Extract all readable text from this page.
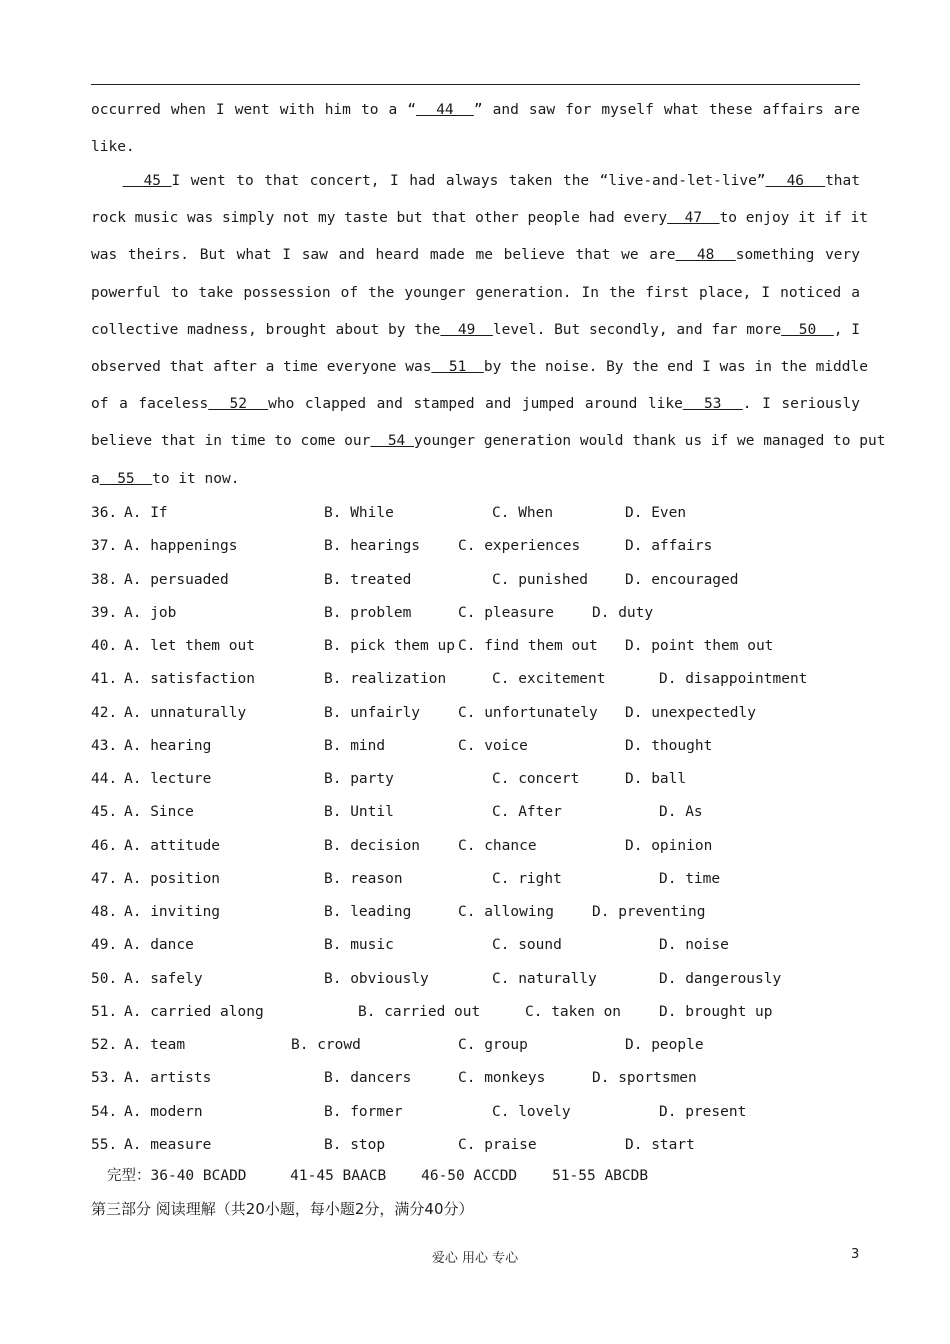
occurred when I went with him to a “  44  ” and saw for myself what these affairs are
like.
45 I went to that concert, I had always taken the “live-and-let-live”  46  that
rock music was simply not my taste but that other people had every  47  to enjoy it if it
was theirs. But what I saw and heard made me believe that we are  48  something very
powerful to take possession of the younger generation. In the first place, I noticed a
collective madness, brought about by the  49  level. But secondly, and far more  50  , I
observed that after a time everyone was  51  by the noise. By the end I was in the middle
of a faceless  52  who clapped and stamped and jumped around like  53  . I seriously
believe that in time to come our  54 younger generation would thank us if we managed to put
a  55  to it now.
36. A. If	B. While	C. When	D. Even
37. A. happenings	B. hearings	C. experiences	D. affairs
38. A. persuaded	B. treated	C. punished	D. encouraged
39. A. job	B. problem	C. pleasure	D. duty
40. A. let them out	B. pick them up C. find them out D. point them out
41. A. satisfaction	B. realization	C. excitement	D. disappointment
42. A. unnaturally	B. unfairly	C. unfortunately D. unexpectedly
43. A. hearing	B. mind	C. voice	D. thought
44. A. lecture	B. party	C. concert	D. ball
45. A. Since	B. Until	C. After	D. As
46. A. attitude	B. decision	C. chance	D. opinion
47. A. position	B. reason	C. right	D. time
48. A. inviting	B. leading	C. allowing	D. preventing
49. A. dance	B. music	C. sound	D. noise
50. A. safely	B. obviously	C. naturally	D. dangerously
51. A. carried along	B. carried out	C. taken on	D. brought up
52. A. team	B. crowd	C. group	D. people
53. A. artists	B. dancers	C. monkeys	D. sportsmen
54. A. modern	B. former	C. lovely	D. present
55. A. measure	B. stop	C. praise	D. start
完型：36-40 BCADD     41-45 BAACB    46-50 ACCDD    51-55 ABCDB
第三部分 阅读理解（共20小题，每小题2分，满分40分）
爱心 用心 专心	3
